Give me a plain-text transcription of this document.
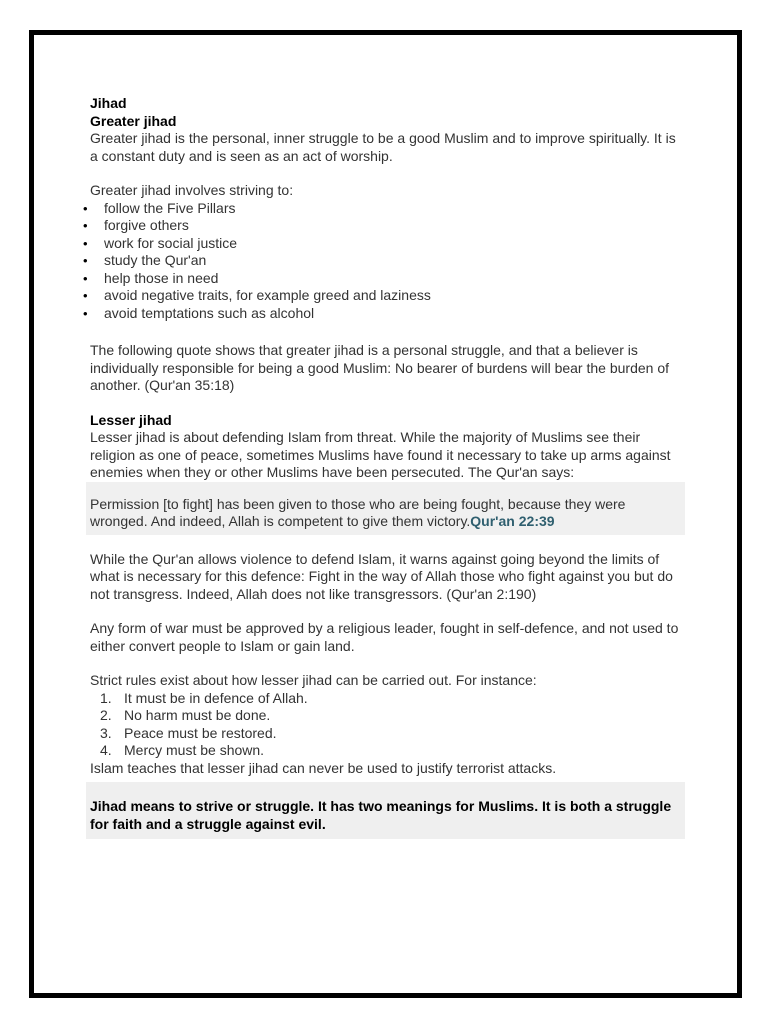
Jihad

Greater jihad

Greater jihad is the personal, inner struggle to be a good Muslim and to improve spiritually. It is a constant duty and is seen as an act of worship.

Greater jihad involves striving to:

• follow the Five Pillars
• forgive others
• work for social justice
• study the Qur'an
• help those in need
• avoid negative traits, for example greed and laziness
• avoid temptations such as alcohol

The following quote shows that greater jihad is a personal struggle, and that a believer is individually responsible for being a good Muslim: No bearer of burdens will bear the burden of another. (Qur'an 35:18)

Lesser jihad

Lesser jihad is about defending Islam from threat. While the majority of Muslims see their religion as one of peace, sometimes Muslims have found it necessary to take up arms against enemies when they or other Muslims have been persecuted. The Qur'an says:

Permission [to fight] has been given to those who are being fought, because they were wronged. And indeed, Allah is competent to give them victory.Qur'an 22:39

While the Qur'an allows violence to defend Islam, it warns against going beyond the limits of what is necessary for this defence: Fight in the way of Allah those who fight against you but do not transgress. Indeed, Allah does not like transgressors. (Qur'an 2:190)

Any form of war must be approved by a religious leader, fought in self-defence, and not used to either convert people to Islam or gain land.

Strict rules exist about how lesser jihad can be carried out. For instance:

1. It must be in defence of Allah.
2. No harm must be done.
3. Peace must be restored.
4. Mercy must be shown.

Islam teaches that lesser jihad can never be used to justify terrorist attacks.

Jihad means to strive or struggle. It has two meanings for Muslims. It is both a struggle for faith and a struggle against evil.
